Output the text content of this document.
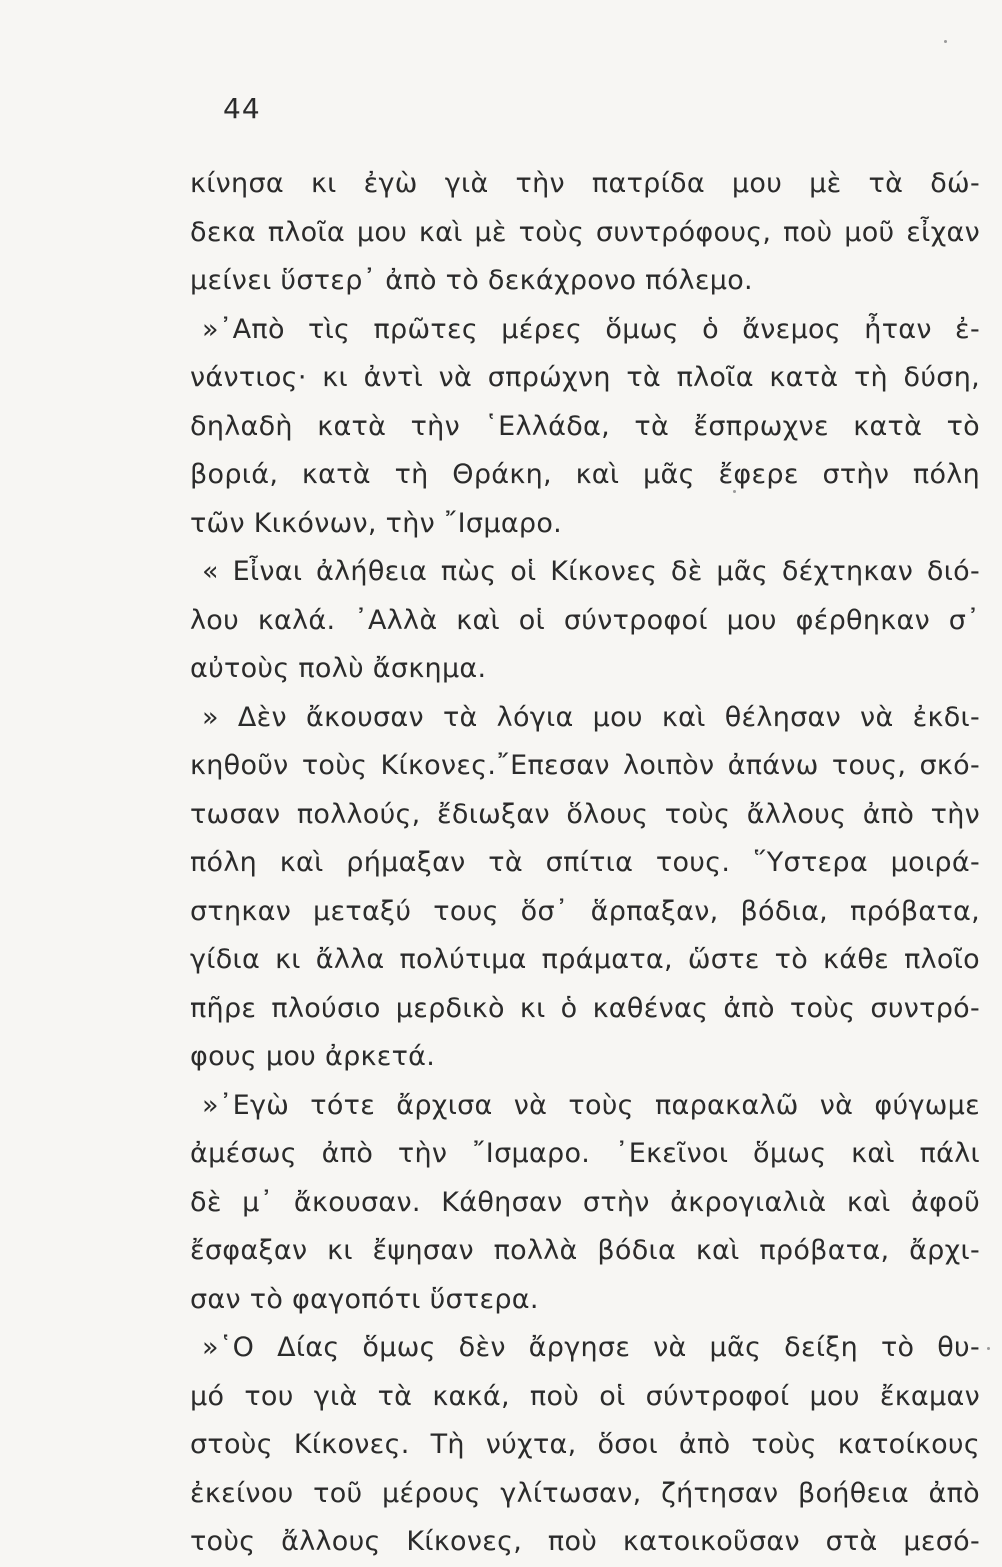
44
κίνησα κι ἐγὼ γιὰ τὴν πατρίδα μου μὲ τὰ δώ-
δεκα πλοῖα μου καὶ μὲ τοὺς συντρόφους, ποὺ μοῦ εἶχαν
μείνει ὕστερ᾽ ἀπὸ τὸ δεκάχρονο πόλεμο.
»᾽Απὸ τὶς πρῶτες μέρες ὅμως ὁ ἄνεμος ἦταν ἐ-
νάντιος· κι ἀντὶ νὰ σπρώχνη τὰ πλοῖα κατὰ τὴ δύση,
δηλαδὴ κατὰ τὴν ῾Ελλάδα, τὰ ἔσπρωχνε κατὰ τὸ
βοριά, κατὰ τὴ Θράκη, καὶ μᾶς ἔφερε στὴν πόλη
τῶν Κικόνων, τὴν ῎Ισμαρο.
« Εἶναι ἀλήθεια πὼς οἱ Κίκονες δὲ μᾶς δέχτηκαν διό-
λου καλά. ᾽Αλλὰ καὶ οἱ σύντροφοί μου φέρθηκαν σ᾽
αὐτοὺς πολὺ ἄσκημα.
» Δὲν ἄκουσαν τὰ λόγια μου καὶ θέλησαν νὰ ἐκδι-
κηθοῦν τοὺς Κίκονες.῎Επεσαν λοιπὸν ἀπάνω τους, σκό-
τωσαν πολλούς, ἔδιωξαν ὅλους τοὺς ἄλλους ἀπὸ τὴν
πόλη καὶ ρήμαξαν τὰ σπίτια τους. ῞Υστερα μοιρά-
στηκαν μεταξύ τους ὅσ᾽ ἅρπαξαν, βόδια, πρόβατα,
γίδια κι ἄλλα πολύτιμα πράματα, ὥστε τὸ κάθε πλοῖο
πῆρε πλούσιο μερδικὸ κι ὁ καθένας ἀπὸ τοὺς συντρό-
φους μου ἀρκετά.
»᾽Εγὼ τότε ἄρχισα νὰ τοὺς παρακαλῶ νὰ φύγωμε
ἀμέσως ἀπὸ τὴν ῎Ισμαρο. ᾽Εκεῖνοι ὅμως καὶ πάλι
δὲ μ᾽ ἄκουσαν. Κάθησαν στὴν ἀκρογιαλιὰ καὶ ἀφοῦ
ἔσφαξαν κι ἔψησαν πολλὰ βόδια καὶ πρόβατα, ἄρχι-
σαν τὸ φαγοπότι ὕστερα.
»῾Ο Δίας ὅμως δὲν ἄργησε νὰ μᾶς δείξη τὸ θυ-
μό του γιὰ τὰ κακά, ποὺ οἱ σύντροφοί μου ἔκαμαν
στοὺς Κίκονες. Τὴ νύχτα, ὅσοι ἀπὸ τοὺς κατοίκους
ἐκείνου τοῦ μέρους γλίτωσαν, ζήτησαν βοήθεια ἀπὸ
τοὺς ἄλλους Κίκονες, ποὺ κατοικοῦσαν στὰ μεσό-
